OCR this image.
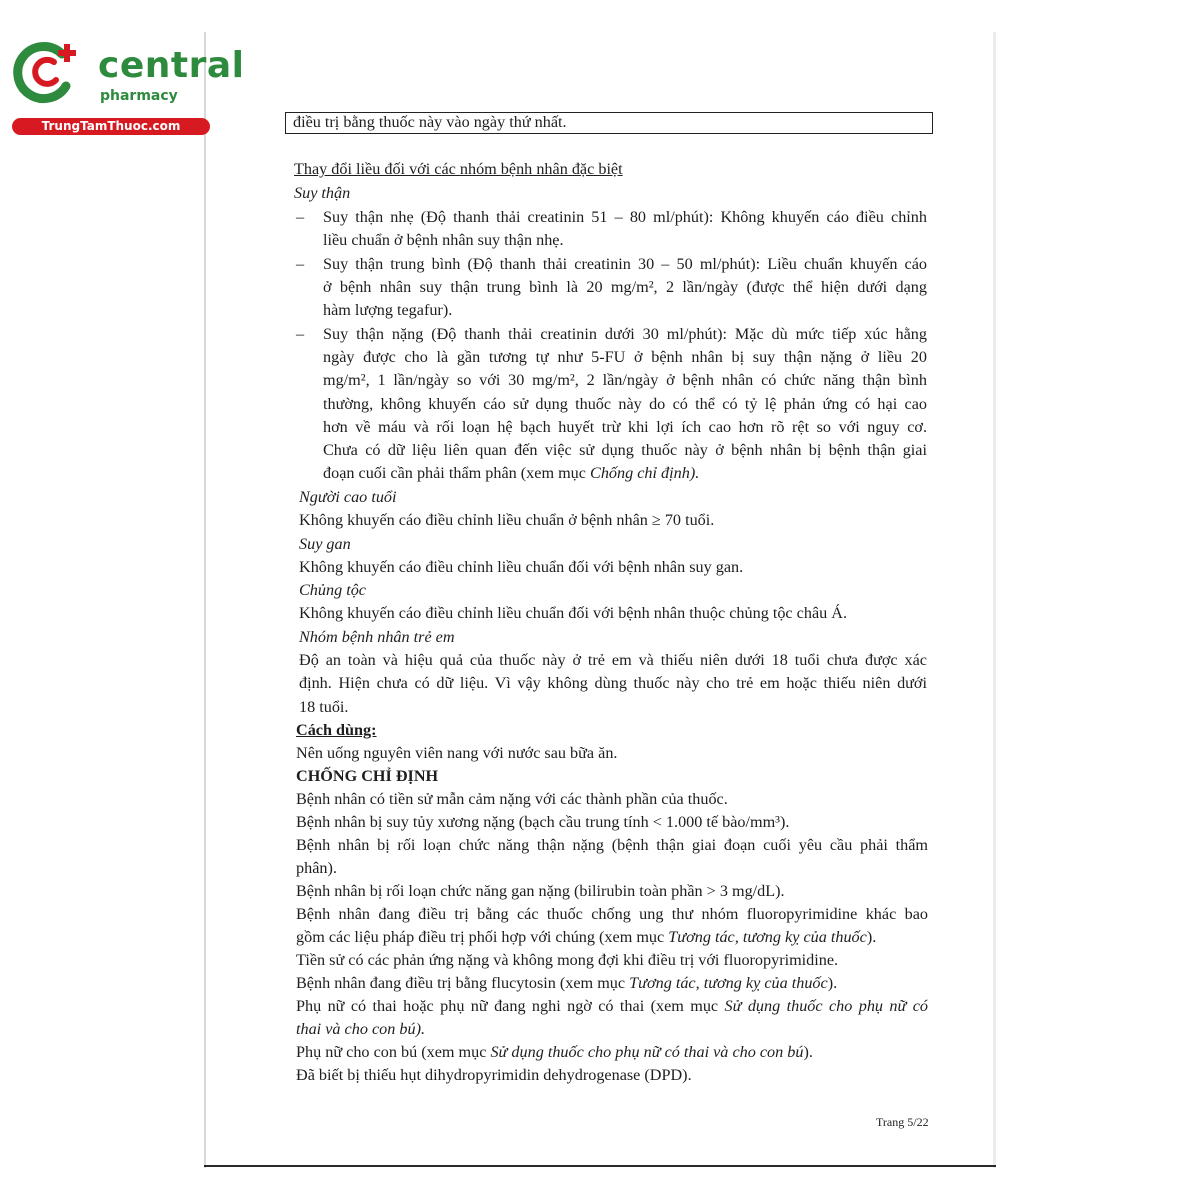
central
pharmacy
TrungTamThuoc.com	điều trị bằng thuốc này vào ngày thứ nhất.
Thay đổi liều đối với các nhóm bệnh nhân đặc biệt
Suy thận
– Suy thận nhẹ (Độ thanh thải creatinin 51 – 80 ml/phút): Không khuyến cáo điều chỉnh
liều chuẩn ở bệnh nhân suy thận nhẹ.
– Suy thận trung bình (Độ thanh thải creatinin 30 – 50 ml/phút): Liều chuẩn khuyến cáo
ở bệnh nhân suy thận trung bình là 20 mg/m², 2 lần/ngày (được thể hiện dưới dạng
hàm lượng tegafur).
– Suy thận nặng (Độ thanh thải creatinin dưới 30 ml/phút): Mặc dù mức tiếp xúc hằng
ngày được cho là gần tương tự như 5-FU ở bệnh nhân bị suy thận nặng ở liều 20
mg/m², 1 lần/ngày so với 30 mg/m², 2 lần/ngày ở bệnh nhân có chức năng thận bình
thường, không khuyến cáo sử dụng thuốc này do có thể có tỷ lệ phản ứng có hại cao
hơn về máu và rối loạn hệ bạch huyết trừ khi lợi ích cao hơn rõ rệt so với nguy cơ.
Chưa có dữ liệu liên quan đến việc sử dụng thuốc này ở bệnh nhân bị bệnh thận giai
đoạn cuối cần phải thẩm phân (xem mục Chống chỉ định).
Người cao tuổi
Không khuyến cáo điều chỉnh liều chuẩn ở bệnh nhân ≥ 70 tuổi.
Suy gan
Không khuyến cáo điều chỉnh liều chuẩn đối với bệnh nhân suy gan.
Chủng tộc
Không khuyến cáo điều chỉnh liều chuẩn đối với bệnh nhân thuộc chủng tộc châu Á.
Nhóm bệnh nhân trẻ em
Độ an toàn và hiệu quả của thuốc này ở trẻ em và thiếu niên dưới 18 tuổi chưa được xác
định. Hiện chưa có dữ liệu. Vì vậy không dùng thuốc này cho trẻ em hoặc thiếu niên dưới
18 tuổi.
Cách dùng:
Nên uống nguyên viên nang với nước sau bữa ăn.
CHỐNG CHỈ ĐỊNH
Bệnh nhân có tiền sử mẫn cảm nặng với các thành phần của thuốc.
Bệnh nhân bị suy tủy xương nặng (bạch cầu trung tính < 1.000 tế bào/mm³).
Bệnh nhân bị rối loạn chức năng thận nặng (bệnh thận giai đoạn cuối yêu cầu phải thẩm
phân).
Bệnh nhân bị rối loạn chức năng gan nặng (bilirubin toàn phần > 3 mg/dL).
Bệnh nhân đang điều trị bằng các thuốc chống ung thư nhóm fluoropyrimidine khác bao
gồm các liệu pháp điều trị phối hợp với chúng (xem mục Tương tác, tương kỵ của thuốc).
Tiền sử có các phản ứng nặng và không mong đợi khi điều trị với fluoropyrimidine.
Bệnh nhân đang điều trị bằng flucytosin (xem mục Tương tác, tương kỵ của thuốc).
Phụ nữ có thai hoặc phụ nữ đang nghi ngờ có thai (xem mục Sử dụng thuốc cho phụ nữ có
thai và cho con bú).
Phụ nữ cho con bú (xem mục Sử dụng thuốc cho phụ nữ có thai và cho con bú).
Đã biết bị thiếu hụt dihydropyrimidin dehydrogenase (DPD).
Trang 5/22
